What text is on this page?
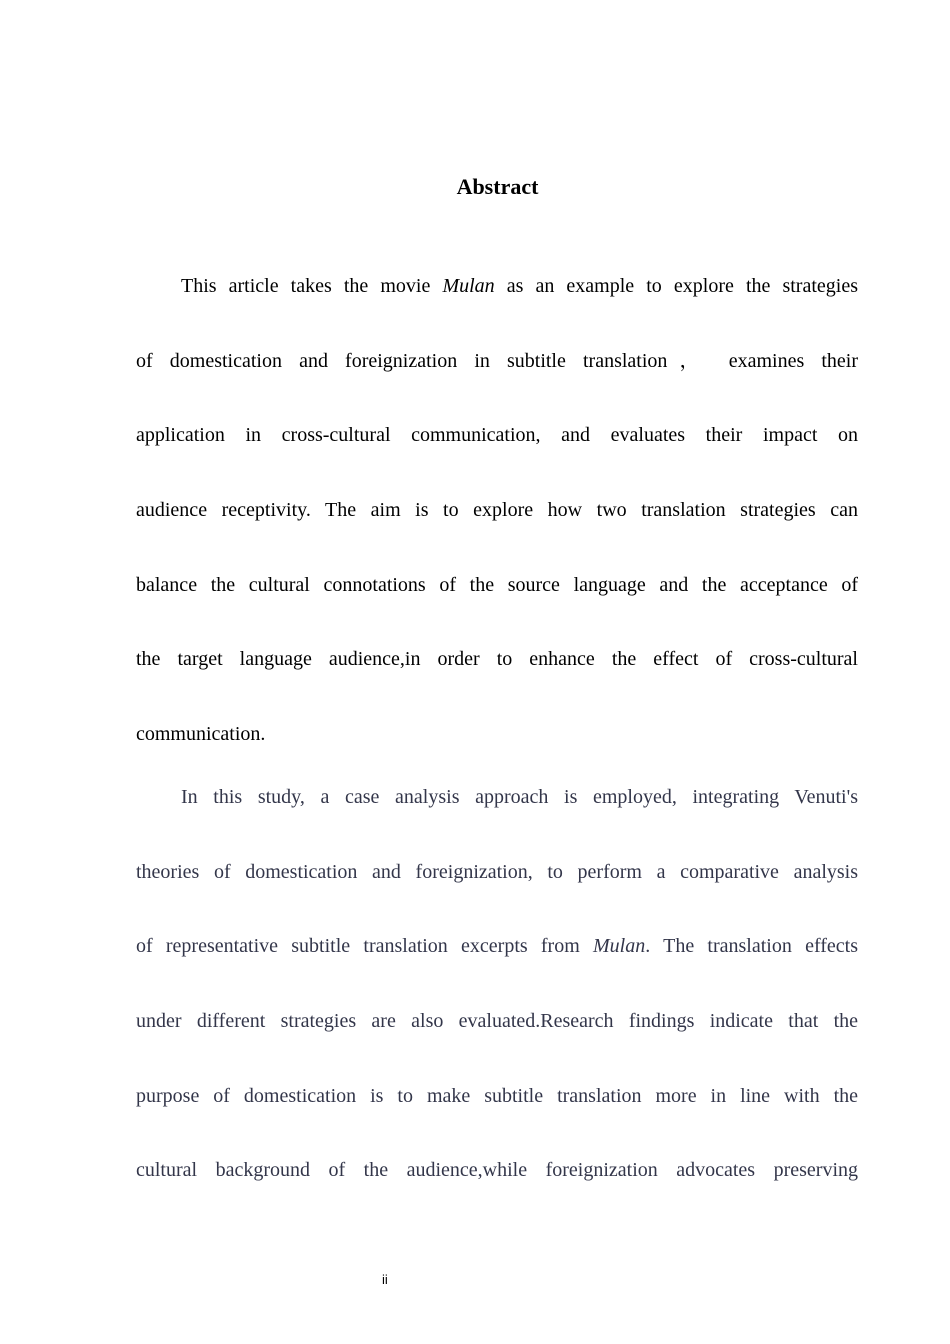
Abstract
This article takes the movie Mulan as an example to explore the strategies
of domestication and foreignization in subtitle translation， examines their
application in cross-cultural communication, and evaluates their impact on
audience receptivity. The aim is to explore how two translation strategies can
balance the cultural connotations of the source language and the acceptance of
the target language audience,in order to enhance the effect of cross-cultural
communication.
In this study, a case analysis approach is employed, integrating Venuti's
theories of domestication and foreignization, to perform a comparative analysis
of representative subtitle translation excerpts from Mulan. The translation effects
under different strategies are also evaluated.Research findings indicate that the
purpose of domestication is to make subtitle translation more in line with the
cultural background of the audience,while foreignization advocates preserving
ii
